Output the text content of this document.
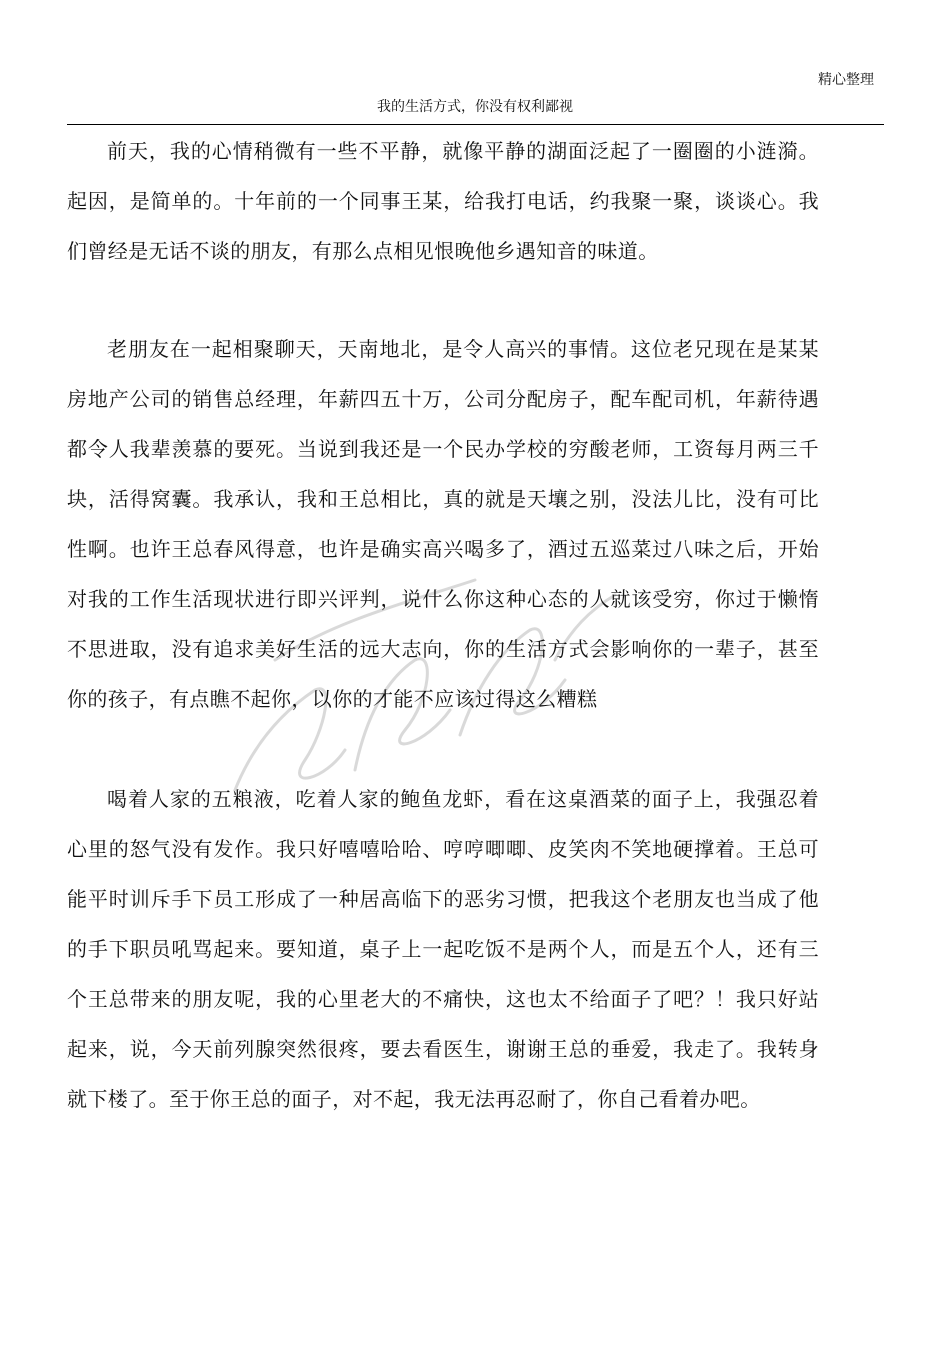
精心整理
我的生活方式，你没有权利鄙视

前天，我的心情稍微有一些不平静，就像平静的湖面泛起了一圈圈的小涟漪。起因，是简单的。十年前的一个同事王某，给我打电话，约我聚一聚，谈谈心。我们曾经是无话不谈的朋友，有那么点相见恨晚他乡遇知音的味道。

老朋友在一起相聚聊天，天南地北，是令人高兴的事情。这位老兄现在是某某房地产公司的销售总经理，年薪四五十万，公司分配房子，配车配司机，年薪待遇都令人我辈羡慕的要死。当说到我还是一个民办学校的穷酸老师，工资每月两三千块，活得窝囊。我承认，我和王总相比，真的就是天壤之别，没法儿比，没有可比性啊。也许王总春风得意，也许是确实高兴喝多了，酒过五巡菜过八味之后，开始对我的工作生活现状进行即兴评判，说什么你这种心态的人就该受穷，你过于懒惰不思进取，没有追求美好生活的远大志向，你的生活方式会影响你的一辈子，甚至你的孩子，有点瞧不起你，以你的才能不应该过得这么糟糕

喝着人家的五粮液，吃着人家的鲍鱼龙虾，看在这桌酒菜的面子上，我强忍着心里的怒气没有发作。我只好嘻嘻哈哈、哼哼唧唧、皮笑肉不笑地硬撑着。王总可能平时训斥手下员工形成了一种居高临下的恶劣习惯，把我这个老朋友也当成了他的手下职员吼骂起来。要知道，桌子上一起吃饭不是两个人，而是五个人，还有三个王总带来的朋友呢，我的心里老大的不痛快，这也太不给面子了吧？！我只好站起来，说，今天前列腺突然很疼，要去看医生，谢谢王总的垂爱，我走了。我转身就下楼了。至于你王总的面子，对不起，我无法再忍耐了，你自己看着办吧。
